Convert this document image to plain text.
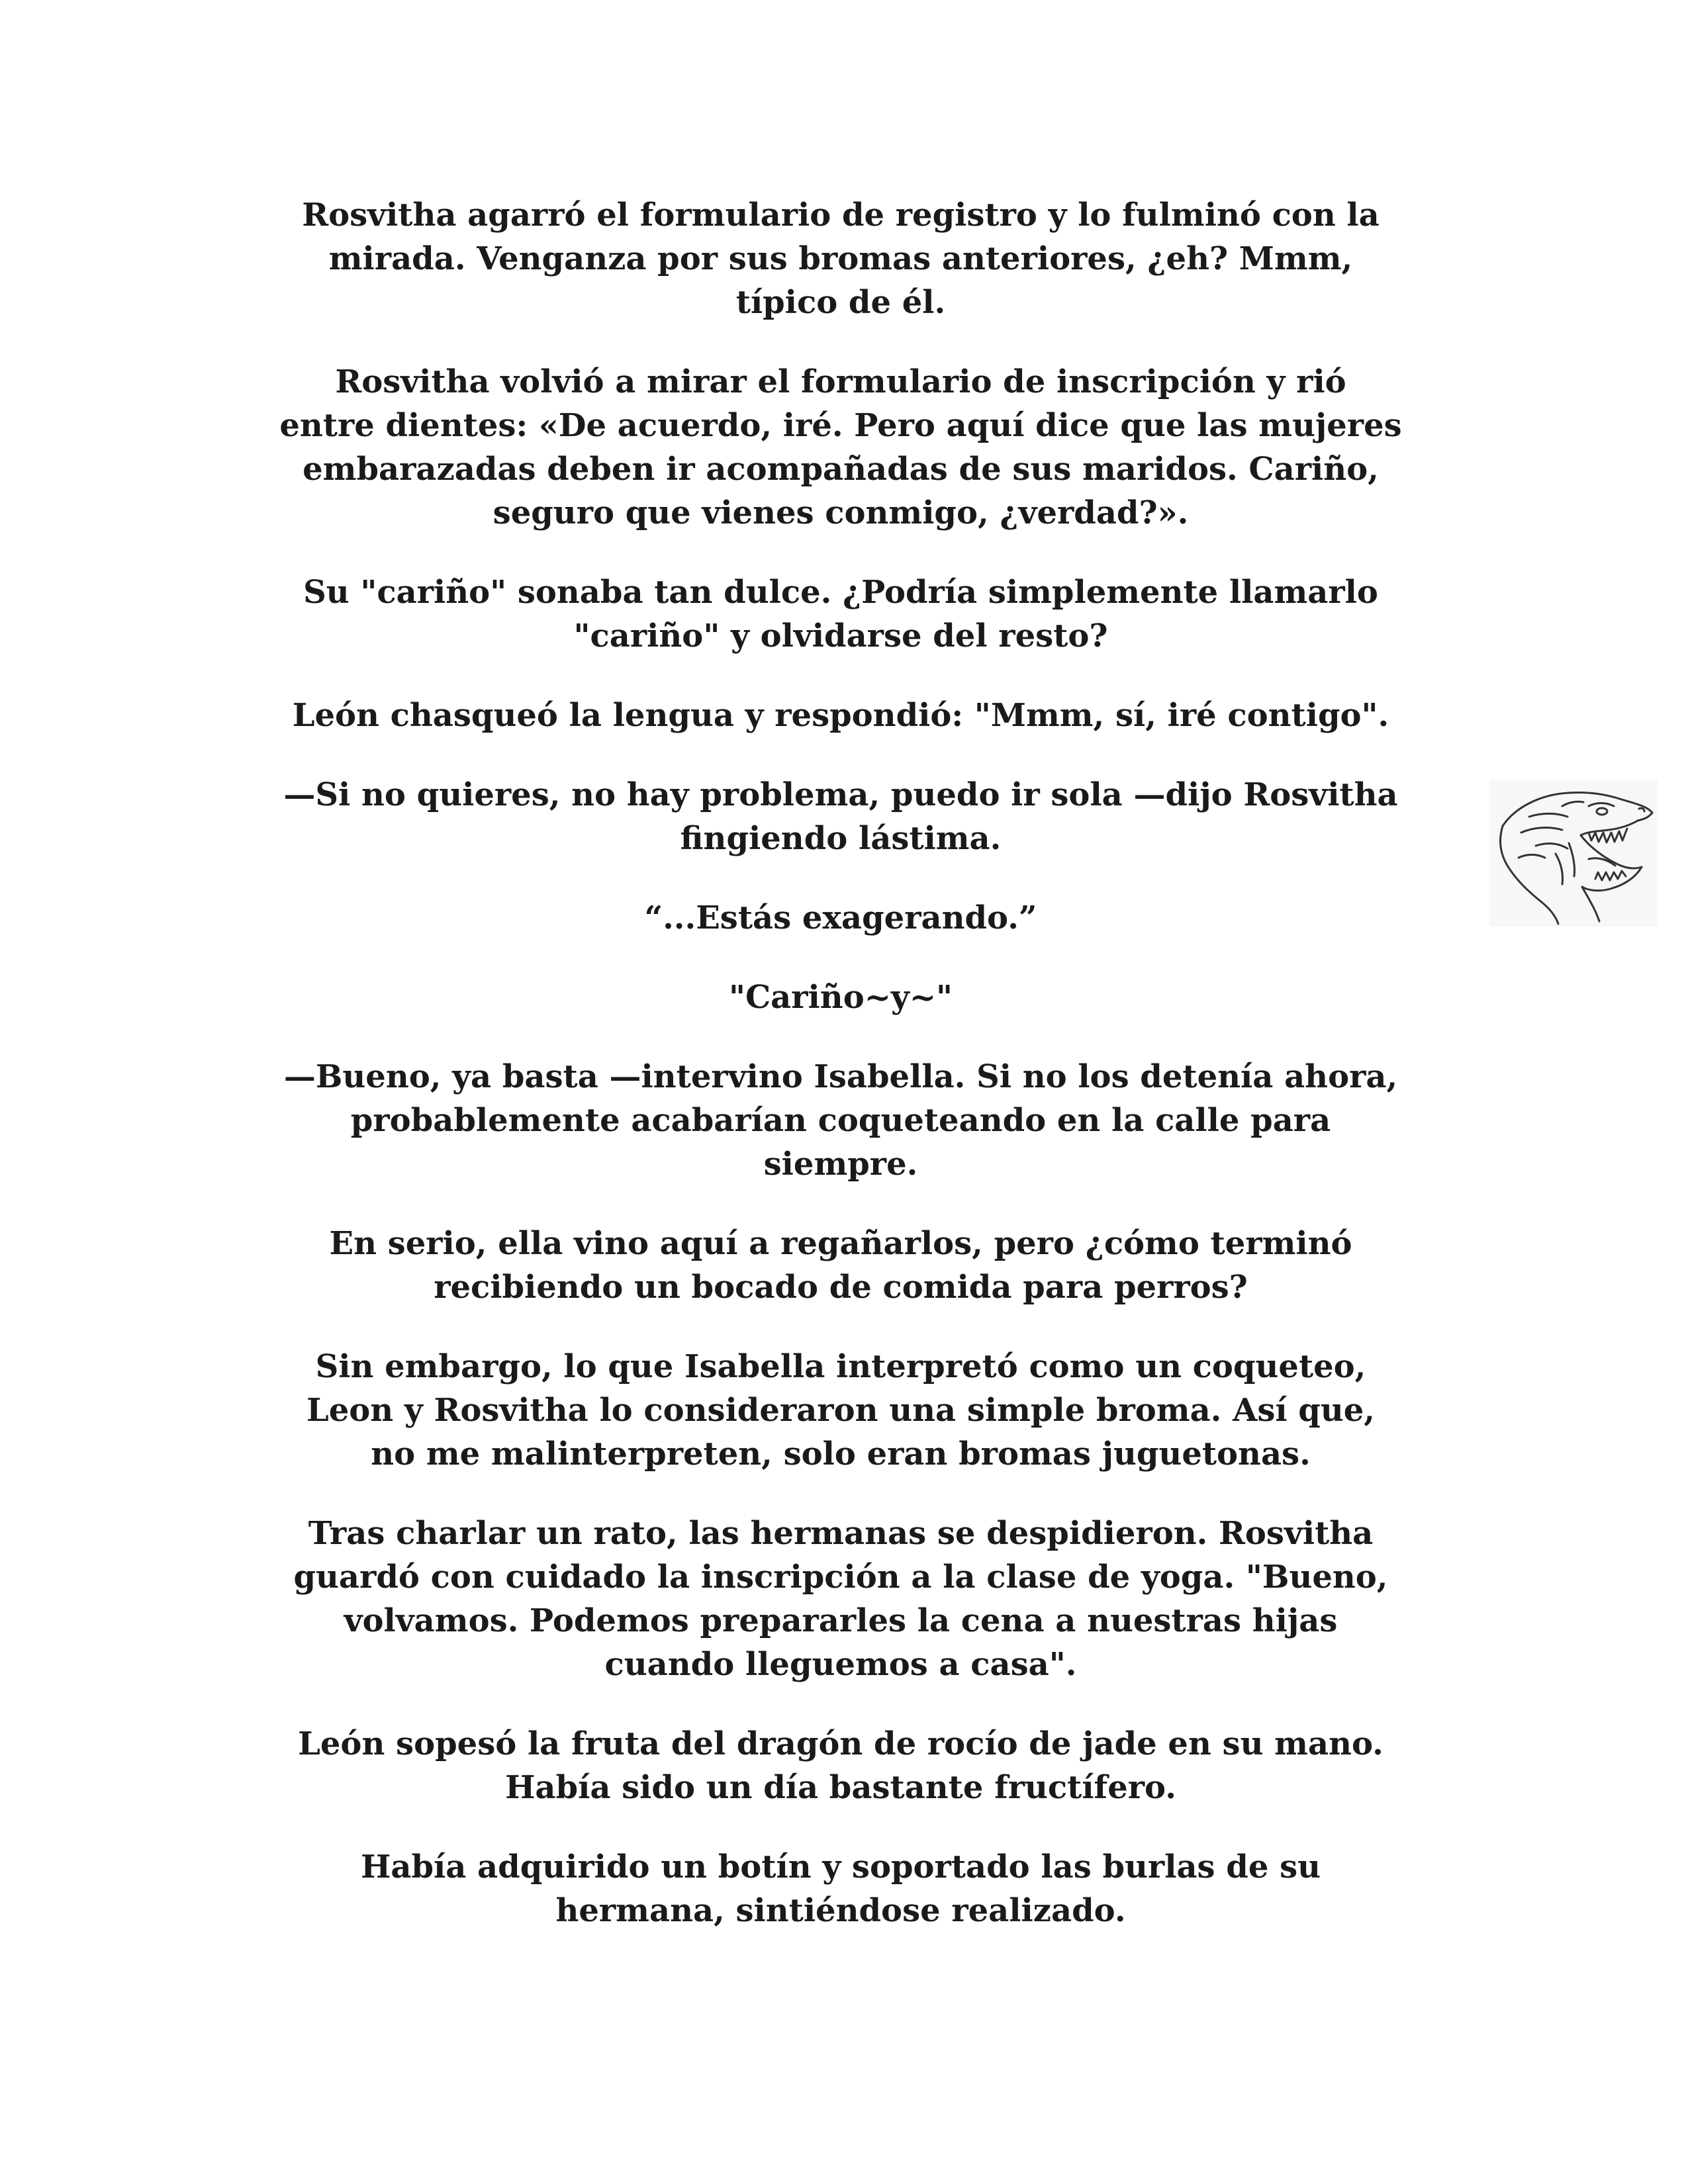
Rosvitha agarró el formulario de registro y lo fulminó con la
mirada. Venganza por sus bromas anteriores, ¿eh? Mmm,
típico de él.

Rosvitha volvió a mirar el formulario de inscripción y rió
entre dientes: «De acuerdo, iré. Pero aquí dice que las mujeres
embarazadas deben ir acompañadas de sus maridos. Cariño,
seguro que vienes conmigo, ¿verdad?».

Su "cariño" sonaba tan dulce. ¿Podría simplemente llamarlo
"cariño" y olvidarse del resto?

León chasqueó la lengua y respondió: "Mmm, sí, iré contigo".

—Si no quieres, no hay problema, puedo ir sola —dijo Rosvitha
fingiendo lástima.

“...Estás exagerando.”

"Cariño~y~"

—Bueno, ya basta —intervino Isabella. Si no los detenía ahora,
probablemente acabarían coqueteando en la calle para
siempre.

En serio, ella vino aquí a regañarlos, pero ¿cómo terminó
recibiendo un bocado de comida para perros?

Sin embargo, lo que Isabella interpretó como un coqueteo,
Leon y Rosvitha lo consideraron una simple broma. Así que,
no me malinterpreten, solo eran bromas juguetonas.

Tras charlar un rato, las hermanas se despidieron. Rosvitha
guardó con cuidado la inscripción a la clase de yoga. "Bueno,
volvamos. Podemos prepararles la cena a nuestras hijas
cuando lleguemos a casa".

León sopesó la fruta del dragón de rocío de jade en su mano.
Había sido un día bastante fructífero.

Había adquirido un botín y soportado las burlas de su
hermana, sintiéndose realizado.
